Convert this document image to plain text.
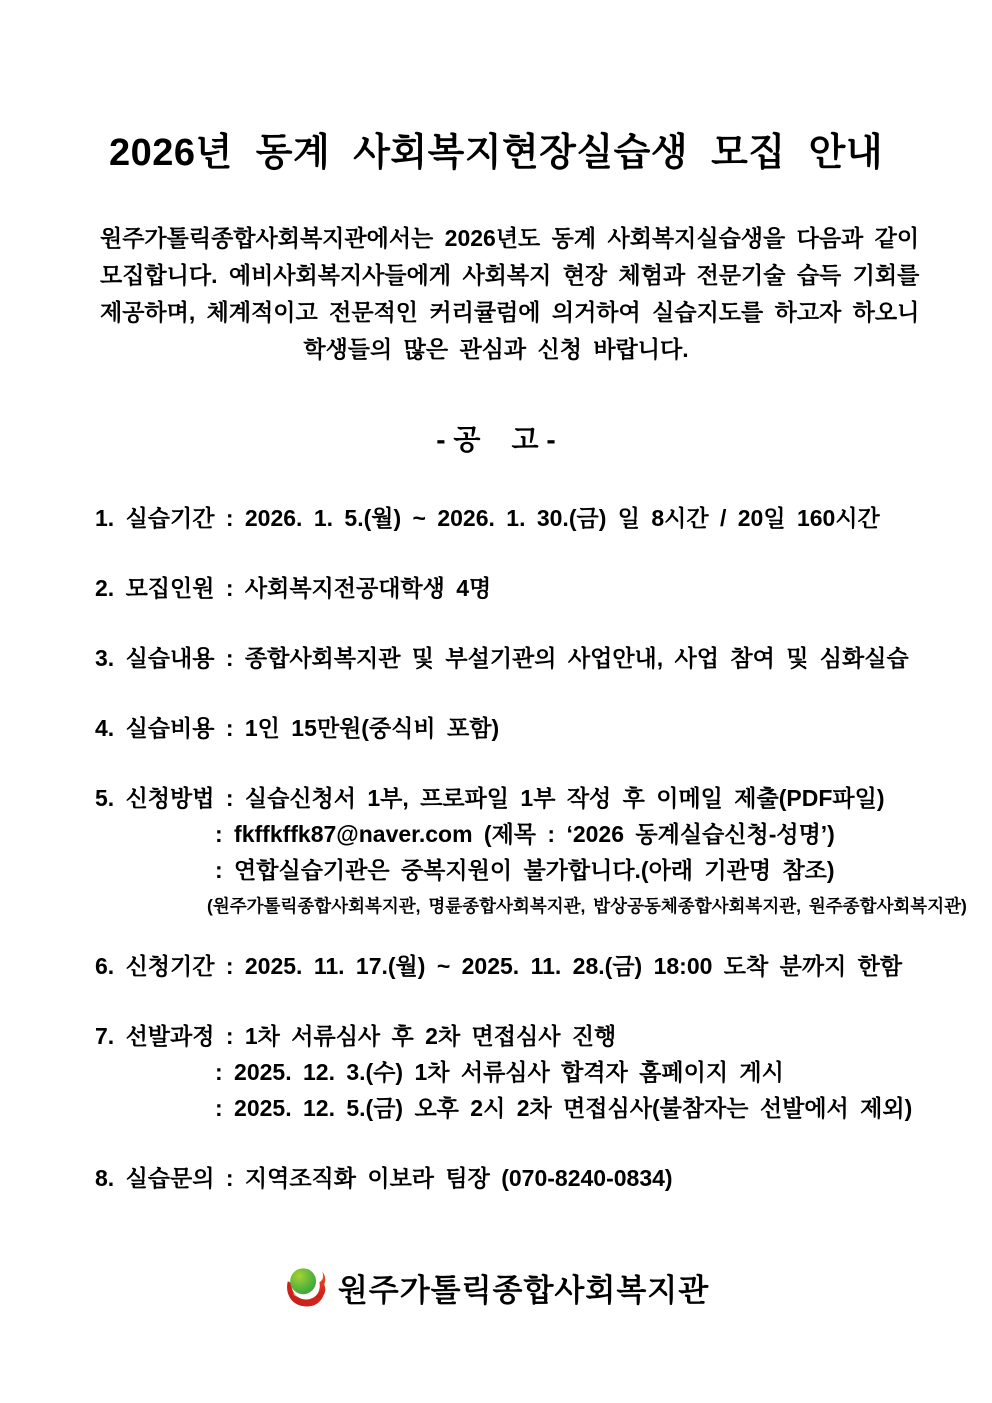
2026년 동계 사회복지현장실습생 모집 안내
원주가톨릭종합사회복지관에서는 2026년도 동계 사회복지실습생을 다음과 같이
모집합니다. 예비사회복지사들에게 사회복지 현장 체험과 전문기술 습득 기회를
제공하며, 체계적이고 전문적인 커리큘럼에 의거하여 실습지도를 하고자 하오니
학생들의 많은 관심과 신청 바랍니다.
- 공    고 -
1. 실습기간 : 2026. 1. 5.(월) ~ 2026. 1. 30.(금) 일 8시간 / 20일 160시간
2. 모집인원 : 사회복지전공대학생 4명
3. 실습내용 : 종합사회복지관 및 부설기관의 사업안내, 사업 참여 및 심화실습
4. 실습비용 : 1인 15만원(중식비 포함)
5. 신청방법 : 실습신청서 1부, 프로파일 1부 작성 후 이메일 제출(PDF파일)
: fkffkffk87@naver.com (제목 : ‘2026 동계실습신청-성명’)
: 연합실습기관은 중복지원이 불가합니다.(아래 기관명 참조)
(원주가톨릭종합사회복지관, 명륜종합사회복지관, 밥상공동체종합사회복지관, 원주종합사회복지관)
6. 신청기간 : 2025. 11. 17.(월) ~ 2025. 11. 28.(금) 18:00 도착 분까지 한함
7. 선발과정 : 1차 서류심사 후 2차 면접심사 진행
: 2025. 12. 3.(수) 1차 서류심사 합격자 홈페이지 게시
: 2025. 12. 5.(금) 오후 2시 2차 면접심사(불참자는 선발에서 제외)
8. 실습문의 : 지역조직화 이보라 팀장 (070-8240-0834)
원주가톨릭종합사회복지관
